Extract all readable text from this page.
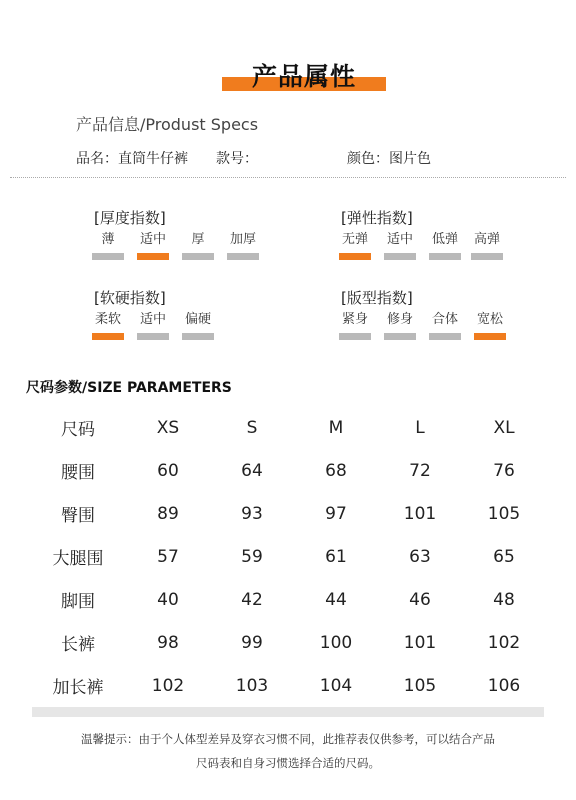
产品属性
产品信息/Produst Specs
品名：直筒牛仔裤 款号：	颜色：图片色
[厚度指数]
薄	适中	厚	加厚
[弹性指数]
无弹	适中	低弹	高弹
[软硬指数]
柔软	适中	偏硬
[版型指数]
紧身	修身	合体	宽松
尺码参数/SIZE PARAMETERS
尺码	XS	S	M	L	XL
腰围	60	64	68	72	76
臀围	89	93	97	101	105
大腿围	57	59	61	63	65
脚围	40	42	44	46	48
长裤	98	99	100	101	102
加长裤	102	103	104	105	106
温馨提示：由于个人体型差异及穿衣习惯不同，此推荐表仅供参考，可以结合产品
尺码表和自身习惯选择合适的尺码。
